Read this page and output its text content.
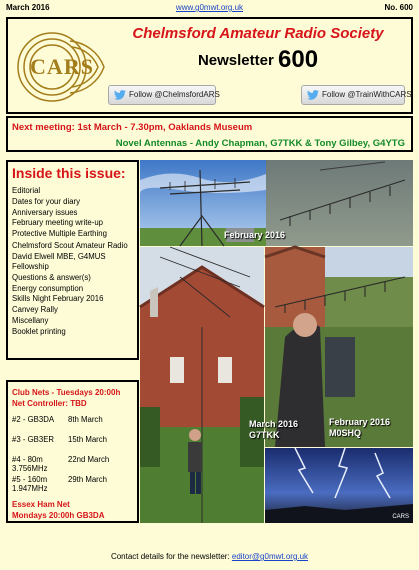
March 2016	www.g0mwt.org.uk	No. 600
CARS
Chelmsford Amateur Radio Society
Newsletter 600
Follow @ChelmsfordARS	Follow @TrainWithCARS
Next meeting: 1st March - 7.30pm, Oaklands Museum
Novel Antennas - Andy Chapman, G7TKK & Tony Gilbey, G4YTG
Inside this issue:
Editorial
Dates for your diary
Anniversary issues
February meeting write-up
Protective Multiple Earthing
Chelmsford Scout Amateur Radio
David Elwell MBE, G4MUS
Fellowship
Questions & answer(s)
Energy consumption
Skills Night February 2016
Canvey Rally
Miscellany
Booklet printing
Club Nets - Tuesdays 20:00h
Net Controller: TBD
#2 - GB3DA	8th March
#3 - GB3ER	15th March
#4 - 80m 3.756MHz	22nd March
#5 - 160m 1.947MHz	29th March
Essex Ham Net
Mondays 20:00h GB3DA
February 2016
February 2016
M0SHQ
March 2016
G7TKK
CARS
Contact details for the newsletter: editor@g0mwt.org.uk
